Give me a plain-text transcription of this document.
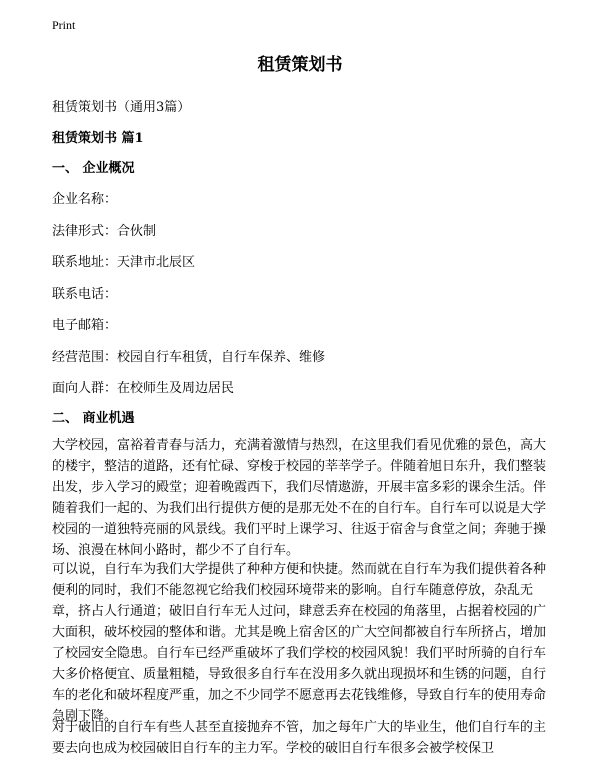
Print
租赁策划书
租赁策划书（通用3篇）
租赁策划书 篇1
一、 企业概况
企业名称：
法律形式：合伙制
联系地址：天津市北辰区
联系电话：
电子邮箱：
经营范围：校园自行车租赁，自行车保养、维修
面向人群：在校师生及周边居民
二、 商业机遇
大学校园，富裕着青春与活力，充满着激情与热烈，在这里我们看见优雅的景色，高大的楼宇，整洁的道路，还有忙碌、穿梭于校园的莘莘学子。伴随着旭日东升，我们整装出发，步入学习的殿堂；迎着晚霞西下，我们尽情遨游，开展丰富多彩的课余生活。伴随着我们一起的、为我们出行提供方便的是那无处不在的自行车。自行车可以说是大学校园的一道独特亮丽的风景线。我们平时上课学习、往返于宿舍与食堂之间；奔驰于操场、浪漫在林间小路时，都少不了自行车。
可以说，自行车为我们大学提供了种种方便和快捷。然而就在自行车为我们提供着各种便利的同时，我们不能忽视它给我们校园环境带来的影响。自行车随意停放，杂乱无章，挤占人行通道；破旧自行车无人过问，肆意丢弃在校园的角落里，占据着校园的广大面积，破坏校园的整体和谐。尤其是晚上宿舍区的广大空间都被自行车所挤占，增加了校园安全隐患。自行车已经严重破坏了我们学校的校园风貌！我们平时所骑的自行车大多价格便宜、质量粗糙，导致很多自行车在没用多久就出现损坏和生锈的问题，自行车的老化和破坏程度严重，加之不少同学不愿意再去花钱维修，导致自行车的使用寿命急剧下降。
对于破旧的自行车有些人甚至直接抛弃不管，加之每年广大的毕业生，他们自行车的主要去向也成为校园破旧自行车的主力军。学校的破旧自行车很多会被学校保卫
